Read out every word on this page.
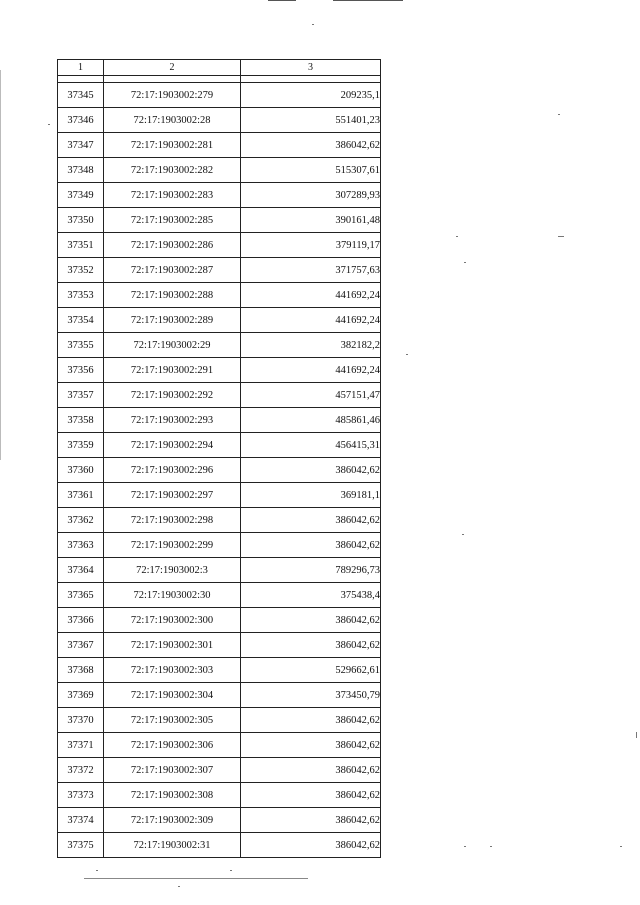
1	2	3

37345	72:17:1903002:279	209235,1
37346	72:17:1903002:28	551401,23
37347	72:17:1903002:281	386042,62
37348	72:17:1903002:282	515307,61
37349	72:17:1903002:283	307289,93
37350	72:17:1903002:285	390161,48
37351	72:17:1903002:286	379119,17
37352	72:17:1903002:287	371757,63
37353	72:17:1903002:288	441692,24
37354	72:17:1903002:289	441692,24
37355	72:17:1903002:29	382182,2
37356	72:17:1903002:291	441692,24
37357	72:17:1903002:292	457151,47
37358	72:17:1903002:293	485861,46
37359	72:17:1903002:294	456415,31
37360	72:17:1903002:296	386042,62
37361	72:17:1903002:297	369181,1
37362	72:17:1903002:298	386042,62
37363	72:17:1903002:299	386042,62
37364	72:17:1903002:3	789296,73
37365	72:17:1903002:30	375438,4
37366	72:17:1903002:300	386042,62
37367	72:17:1903002:301	386042,62
37368	72:17:1903002:303	529662,61
37369	72:17:1903002:304	373450,79
37370	72:17:1903002:305	386042,62
37371	72:17:1903002:306	386042,62
37372	72:17:1903002:307	386042,62
37373	72:17:1903002:308	386042,62
37374	72:17:1903002:309	386042,62
37375	72:17:1903002:31	386042,62
